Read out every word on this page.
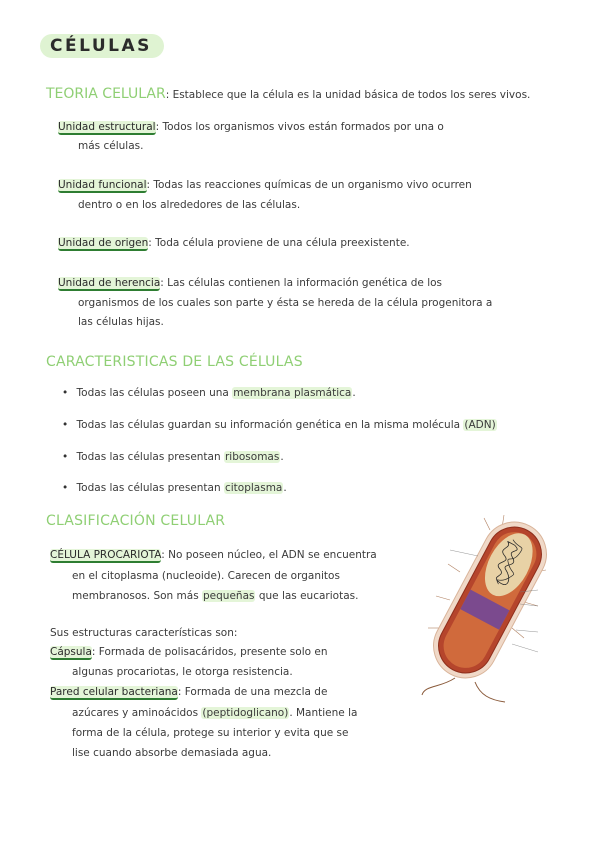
CÉLULAS
TEORIA CELULAR: Establece que la célula es la unidad básica de todos los seres vivos.
Unidad estructural: Todos los organismos vivos están formados por una o
más células.
Unidad funcional: Todas las reacciones químicas de un organismo vivo ocurren
dentro o en los alrededores de las células.
Unidad de origen: Toda célula proviene de una célula preexistente.
Unidad de herencia: Las células contienen la información genética de los
organismos de los cuales son parte y ésta se hereda de la célula progenitora a
las células hijas.
CARACTERISTICAS DE LAS CÉLULAS
• Todas las células poseen una membrana plasmática.
• Todas las células guardan su información genética en la misma molécula (ADN)
• Todas las células presentan ribosomas.
• Todas las células presentan citoplasma.
CLASIFICACIÓN CELULAR
CÉLULA PROCARIOTA: No poseen núcleo, el ADN se encuentra
en el citoplasma (nucleoide). Carecen de organitos
membranosos. Son más pequeñas que las eucariotas.
Sus estructuras características son:
Cápsula: Formada de polisacáridos, presente solo en
algunas procariotas, le otorga resistencia.
Pared celular bacteriana: Formada de una mezcla de
azúcares y aminoácidos (peptidoglicano). Mantiene la
forma de la célula, protege su interior y evita que se
lise cuando absorbe demasiada agua.
